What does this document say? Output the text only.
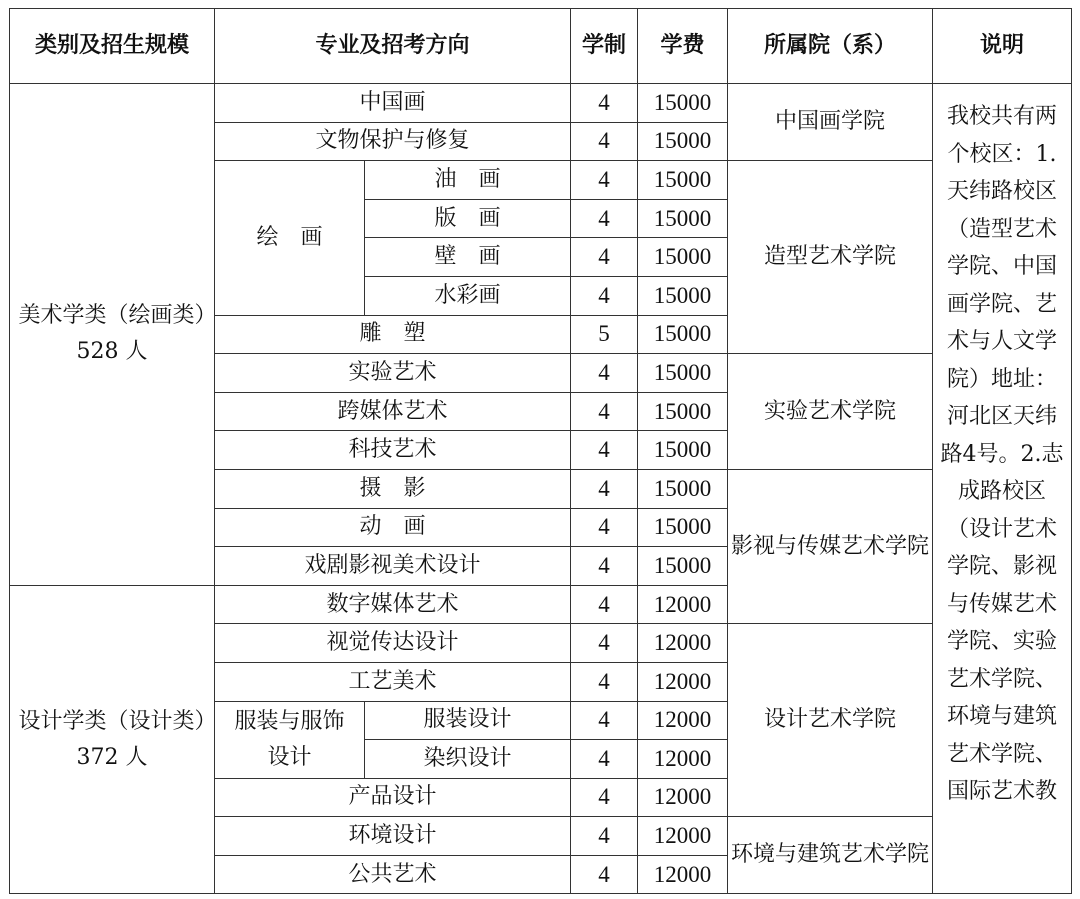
类别及招生规模	专业及招考方向		学制	学费	所属院（系）	说明
美术学类（绘画类）528 人	中国画		4	15000	中国画学院	我校共有两个校区：1.天纬路校区（造型艺术学院、中国画学院、艺术与人文学院）地址：河北区天纬路4号。2.志成路校区（设计艺术学院、影视与传媒艺术学院、实验艺术学院、环境与建筑艺术学院、国际艺术教
	文物保护与修复		4	15000		
	绘　画	油　画	4	15000	造型艺术学院	
		版　画	4	15000		
		壁　画	4	15000		
		水彩画	4	15000		
	雕　塑		5	15000		
	实验艺术		4	15000	实验艺术学院	
	跨媒体艺术		4	15000		
	科技艺术		4	15000		
	摄　影		4	15000	影视与传媒艺术学院	
	动　画		4	15000		
	戏剧影视美术设计		4	15000		
设计学类（设计类）372 人	数字媒体艺术		4	12000		
	视觉传达设计		4	12000	设计艺术学院	
	工艺美术		4	12000		
	服装与服饰设计	服装设计	4	12000		
		染织设计	4	12000		
	产品设计		4	12000		
	环境设计		4	12000	环境与建筑艺术学院	
	公共艺术		4	12000		
